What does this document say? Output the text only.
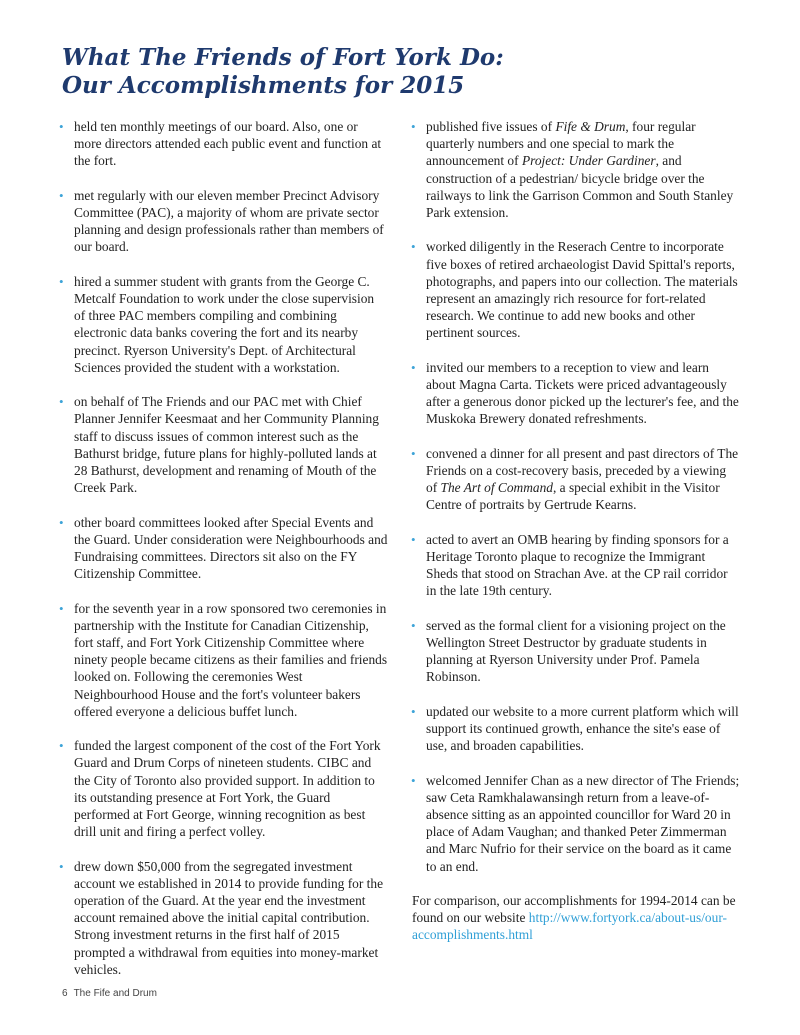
What The Friends of Fort York Do:
Our Accomplishments for 2015
• held ten monthly meetings of our board. Also, one or more directors attended each public event and function at the fort.
• met regularly with our eleven member Precinct Advisory Committee (PAC), a majority of whom are private sector planning and design professionals rather than members of our board.
• hired a summer student with grants from the George C. Metcalf Foundation to work under the close supervision of three PAC members compiling and combining electronic data banks covering the fort and its nearby precinct. Ryerson University's Dept. of Architectural Sciences provided the student with a workstation.
• on behalf of The Friends and our PAC met with Chief Planner Jennifer Keesmaat and her Community Planning staff to discuss issues of common interest such as the Bathurst bridge, future plans for highly-polluted lands at 28 Bathurst, development and renaming of Mouth of the Creek Park.
• other board committees looked after Special Events and the Guard. Under consideration were Neighbourhoods and Fundraising committees. Directors sit also on the FY Citizenship Committee.
• for the seventh year in a row sponsored two ceremonies in partnership with the Institute for Canadian Citizenship, fort staff, and Fort York Citizenship Committee where ninety people became citizens as their families and friends looked on. Following the ceremonies West Neighbourhood House and the fort's volunteer bakers offered everyone a delicious buffet lunch.
• funded the largest component of the cost of the Fort York Guard and Drum Corps of nineteen students. CIBC and the City of Toronto also provided support. In addition to its outstanding presence at Fort York, the Guard performed at Fort George, winning recognition as best drill unit and firing a perfect volley.
• drew down $50,000 from the segregated investment account we established in 2014 to provide funding for the operation of the Guard. At the year end the investment account remained above the initial capital contribution. Strong investment returns in the first half of 2015 prompted a withdrawal from equities into money-market vehicles.
• published five issues of Fife & Drum, four regular quarterly numbers and one special to mark the announcement of Project: Under Gardiner, and construction of a pedestrian/ bicycle bridge over the railways to link the Garrison Common and South Stanley Park extension.
• worked diligently in the Reserach Centre to incorporate five boxes of retired archaeologist David Spittal's reports, photographs, and papers into our collection. The materials represent an amazingly rich resource for fort-related research. We continue to add new books and other pertinent sources.
• invited our members to a reception to view and learn about Magna Carta. Tickets were priced advantageously after a generous donor picked up the lecturer's fee, and the Muskoka Brewery donated refreshments.
• convened a dinner for all present and past directors of The Friends on a cost-recovery basis, preceded by a viewing of The Art of Command, a special exhibit in the Visitor Centre of portraits by Gertrude Kearns.
• acted to avert an OMB hearing by finding sponsors for a Heritage Toronto plaque to recognize the Immigrant Sheds that stood on Strachan Ave. at the CP rail corridor in the late 19th century.
• served as the formal client for a visioning project on the Wellington Street Destructor by graduate students in planning at Ryerson University under Prof. Pamela Robinson.
• updated our website to a more current platform which will support its continued growth, enhance the site's ease of use, and broaden capabilities.
• welcomed Jennifer Chan as a new director of The Friends; saw Ceta Ramkhalawansingh return from a leave-of-absence sitting as an appointed councillor for Ward 20 in place of Adam Vaughan; and thanked Peter Zimmerman and Marc Nufrio for their service on the board as it came to an end.

For comparison, our accomplishments for 1994-2014 can be found on our website http://www.fortyork.ca/about-us/our-accomplishments.html

6 The Fife and Drum
